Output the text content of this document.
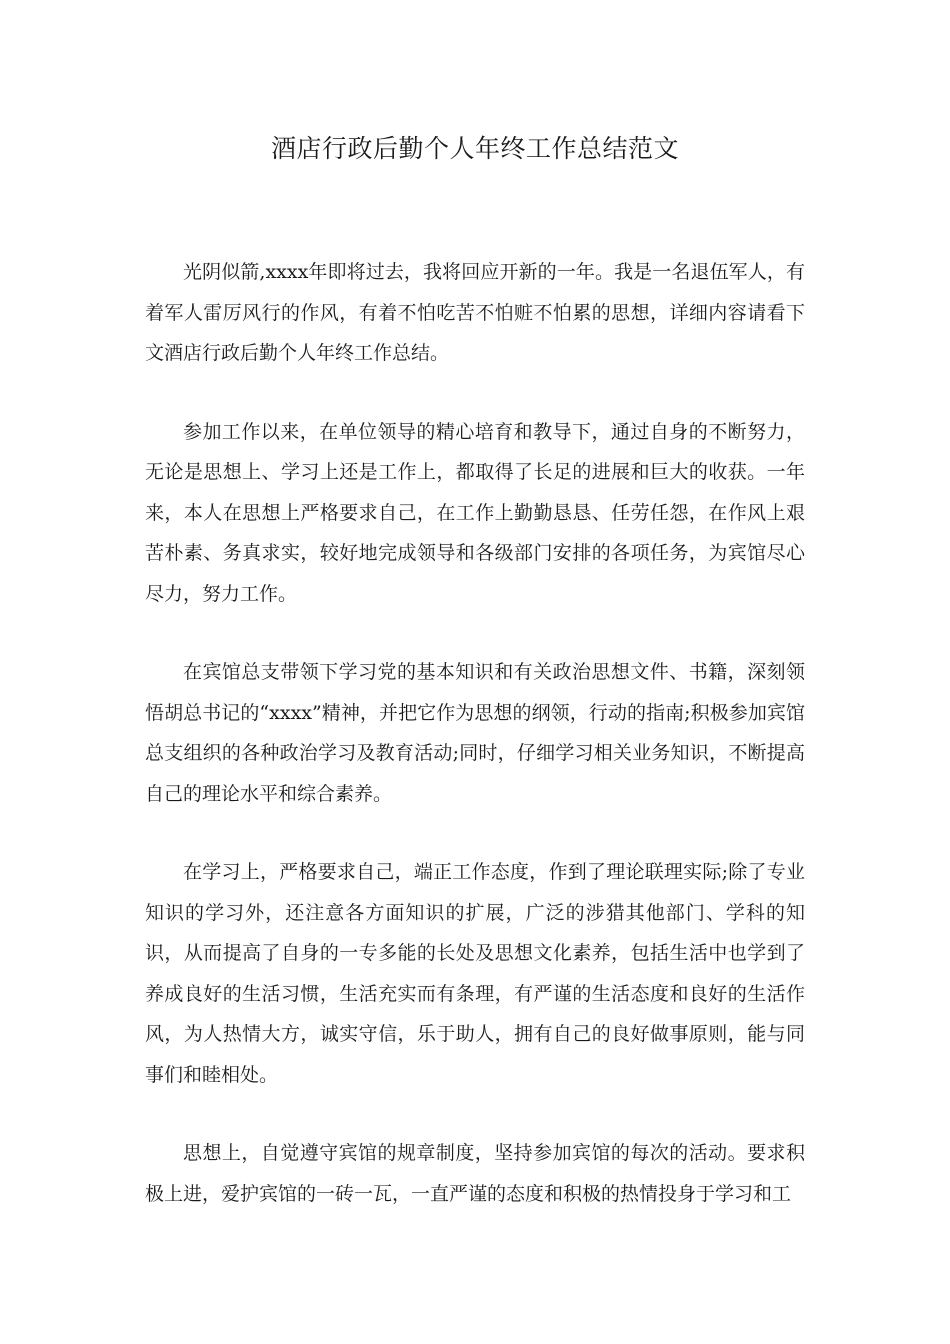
酒店行政后勤个人年终工作总结范文

光阴似箭,xxxx年即将过去，我将回应开新的一年。我是一名退伍军人，有着军人雷厉风行的作风，有着不怕吃苦不怕赃不怕累的思想，详细内容请看下文酒店行政后勤个人年终工作总结。

参加工作以来，在单位领导的精心培育和教导下，通过自身的不断努力，无论是思想上、学习上还是工作上，都取得了长足的进展和巨大的收获。一年来，本人在思想上严格要求自己，在工作上勤勤恳恳、任劳任怨，在作风上艰苦朴素、务真求实，较好地完成领导和各级部门安排的各项任务，为宾馆尽心尽力，努力工作。

在宾馆总支带领下学习党的基本知识和有关政治思想文件、书籍，深刻领悟胡总书记的“xxxx”精神，并把它作为思想的纲领，行动的指南;积极参加宾馆总支组织的各种政治学习及教育活动;同时，仔细学习相关业务知识，不断提高自己的理论水平和综合素养。

在学习上，严格要求自己，端正工作态度，作到了理论联理实际;除了专业知识的学习外，还注意各方面知识的扩展，广泛的涉猎其他部门、学科的知识，从而提高了自身的一专多能的长处及思想文化素养，包括生活中也学到了养成良好的生活习惯，生活充实而有条理，有严谨的生活态度和良好的生活作风，为人热情大方，诚实守信，乐于助人，拥有自己的良好做事原则，能与同事们和睦相处。

思想上，自觉遵守宾馆的规章制度，坚持参加宾馆的每次的活动。要求积极上进，爱护宾馆的一砖一瓦，一直严谨的态度和积极的热情投身于学习和工
